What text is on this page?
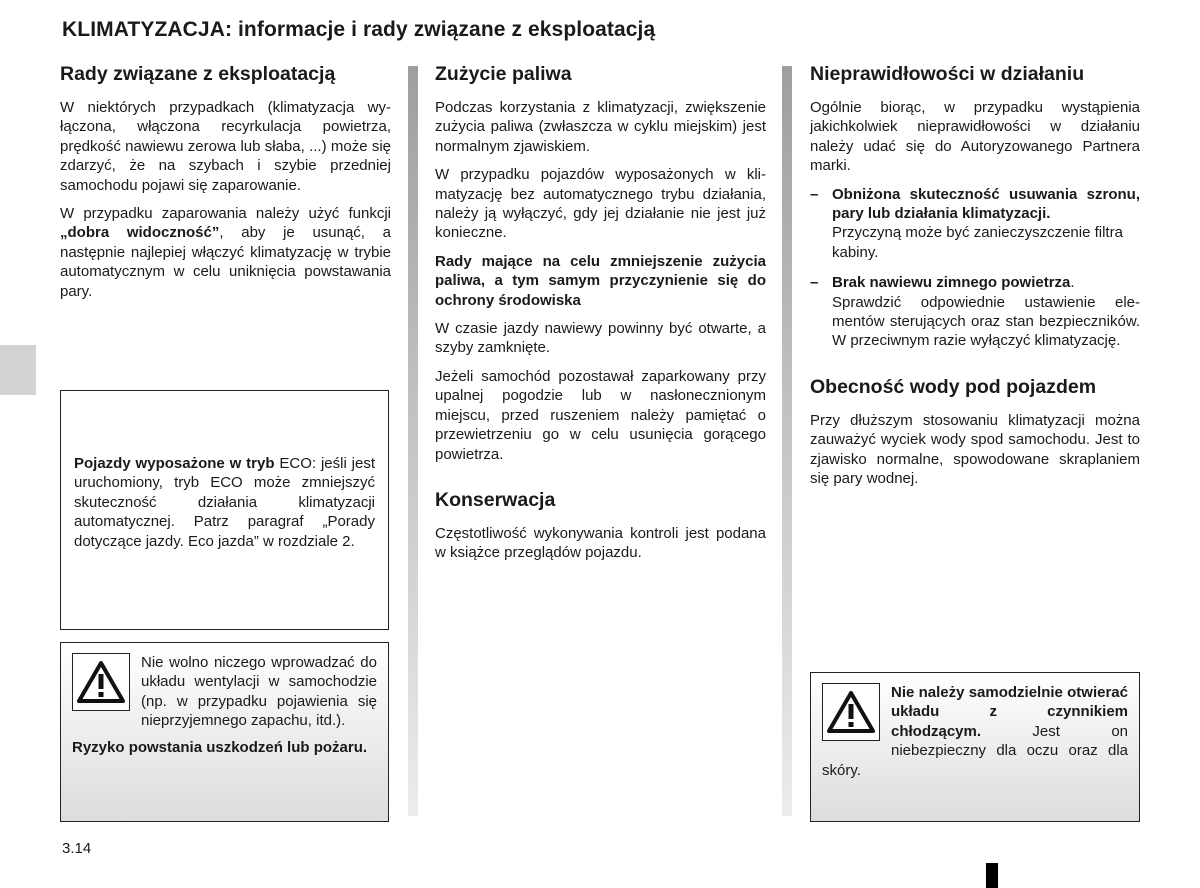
KLIMATYZACJA: informacje i rady związane z eksploatacją
Rady związane z eksploatacją

W niektórych przypadkach (klimatyzacja wyłączona, włączona recyrkulacja powietrza, prędkość nawiewu zerowa lub słaba, ...) może się zdarzyć, że na szybach i szybie przedniej samochodu pojawi się zaparowanie.

W przypadku zaparowania należy użyć funkcji „dobra widoczność”, aby je usunąć, a następnie najlepiej włączyć klimatyzację w trybie automatycznym w celu uniknięcia powstawania pary.

Pojazdy wyposażone w tryb ECO: jeśli jest uruchomiony, tryb ECO może zmniejszyć skuteczność działania klimatyzacji automatycznej. Patrz paragraf „Porady dotyczące jazdy. Eco jazda” w rozdziale 2.

Nie wolno niczego wprowadzać do układu wentylacji w samochodzie (np. w przypadku pojawienia się nieprzyjemnego zapachu, itd.).

Ryzyko powstania uszkodzeń lub pożaru.

Zużycie paliwa

Podczas korzystania z klimatyzacji, zwiększenie zużycia paliwa (zwłaszcza w cyklu miejskim) jest normalnym zjawiskiem.

W przypadku pojazdów wyposażonych w klimatyzację bez automatycznego trybu działania, należy ją wyłączyć, gdy jej działanie nie jest już konieczne.

Rady mające na celu zmniejszenie zużycia paliwa, a tym samym przyczynienie się do ochrony środowiska

W czasie jazdy nawiewy powinny być otwarte, a szyby zamknięte.

Jeżeli samochód pozostawał zaparkowany przy upalnej pogodzie lub w nasłonecznionym miejscu, przed ruszeniem należy pamiętać o przewietrzeniu go w celu usunięcia gorącego powietrza.

Konserwacja

Częstotliwość wykonywania kontroli jest podana w książce przeglądów pojazdu.

Nieprawidłowości w działaniu

Ogólnie biorąc, w przypadku wystąpienia jakichkolwiek nieprawidłowości w działaniu należy udać się do Autoryzowanego Partnera marki.

– Obniżona skuteczność usuwania szronu, pary lub działania klimatyzacji.

Przyczyną może być zanieczyszczenie filtra kabiny.

– Brak nawiewu zimnego powietrza.

Sprawdzić odpowiednie ustawienie elementów sterujących oraz stan bezpieczników. W przeciwnym razie wyłączyć klimatyzację.

Obecność wody pod pojazdem

Przy dłuższym stosowaniu klimatyzacji można zauważyć wyciek wody spod samochodu. Jest to zjawisko normalne, spowodowane skraplaniem się pary wodnej.

Nie należy samodzielnie otwierać układu z czynnikiem chłodzącym. Jest on niebezpieczny dla oczu oraz dla skóry.

3.14
